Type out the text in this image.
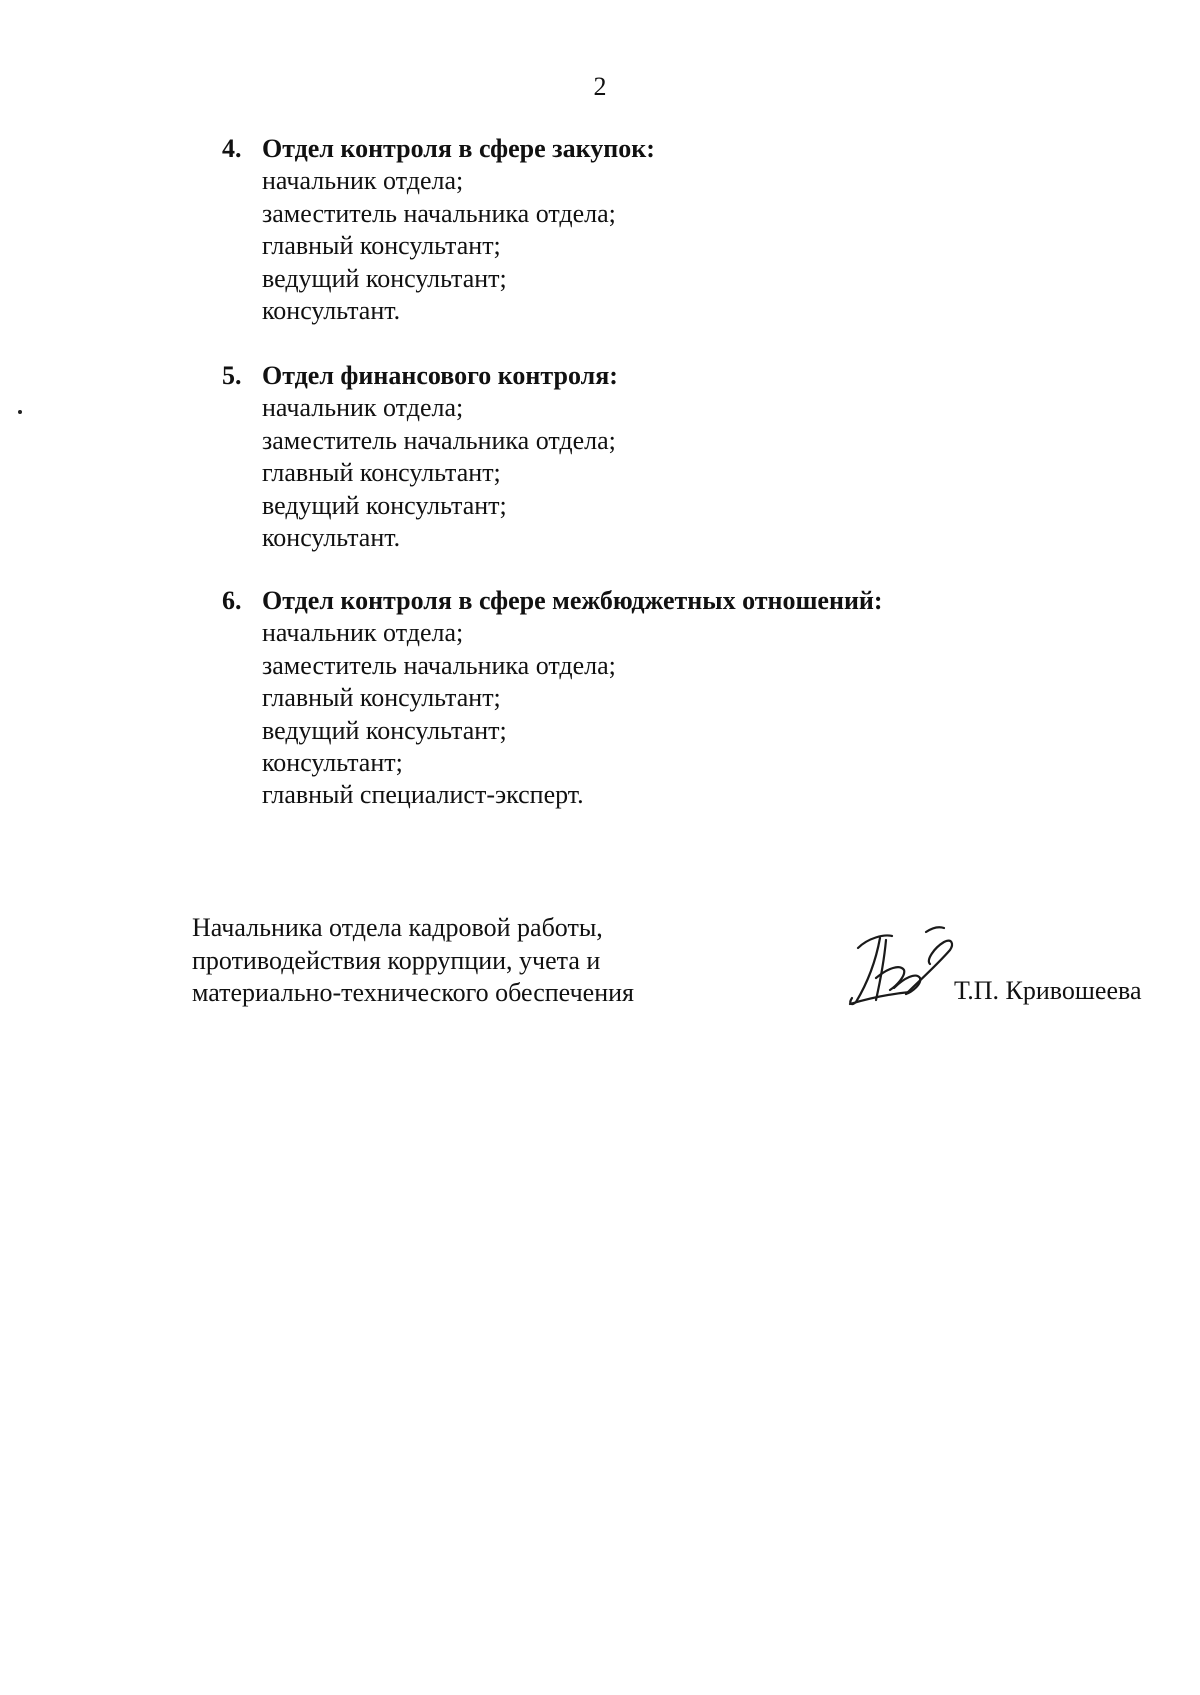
2
4. Отдел контроля в сфере закупок:
начальник отдела;
заместитель начальника отдела;
главный консультант;
ведущий консультант;
консультант.
5. Отдел финансового контроля:
начальник отдела;
заместитель начальника отдела;
главный консультант;
ведущий консультант;
консультант.
6. Отдел контроля в сфере межбюджетных отношений:
начальник отдела;
заместитель начальника отдела;
главный консультант;
ведущий консультант;
консультант;
главный специалист-эксперт.
Начальника отдела кадровой работы,
противодействия коррупции, учета и
материально-технического обеспечения	Т.П. Кривошеева
